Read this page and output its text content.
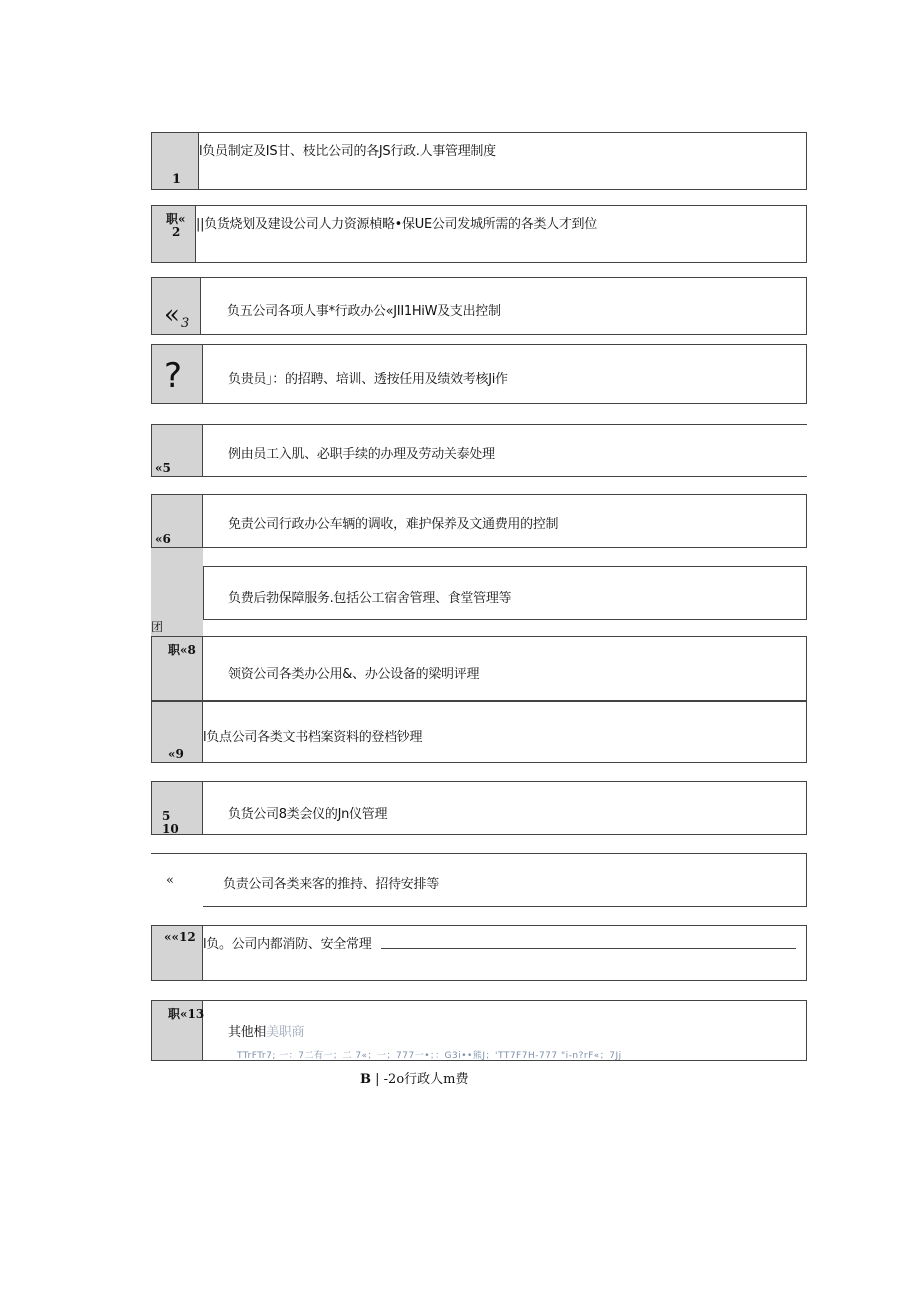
1
l负员制定及IS甘、枝比公司的各JS行政.人事管理制度
职«
2 ||负货烧划及建设公司人力资源楨略•保UE公司发城所需的各类人才到位
« 3
负五公司各项人事*行政办公«JII1HiW及支出控制
?	负贵员」：的招聘、培训、透按任用及绩效考核Ji作
«5
例由员工入肌、必职手续的办理及劳动关泰处理
«6
免责公司行政办公车辆的调收，难护保养及文通费用的控制
团
负费后勃保障服务.包括公工宿舍管理、食堂管理等
职«8
领资公司各类办公用&、办公设备的梁明评理
«9
l负点公司各类文书档案资料的登档钞理
5
10
负货公司8类会仪的Jn仪管理
«	负责公司各类来客的推持、招待安排等
««12 l负。公司内都消防、安全常理
职«13
其他相美职商
TTrFTr7; 一：7二有一；二 7«；一；777一•；：G3i••熊J；'TT7F7H-777 "i-n?rF«；7Jj
B | -2o行政人m费
